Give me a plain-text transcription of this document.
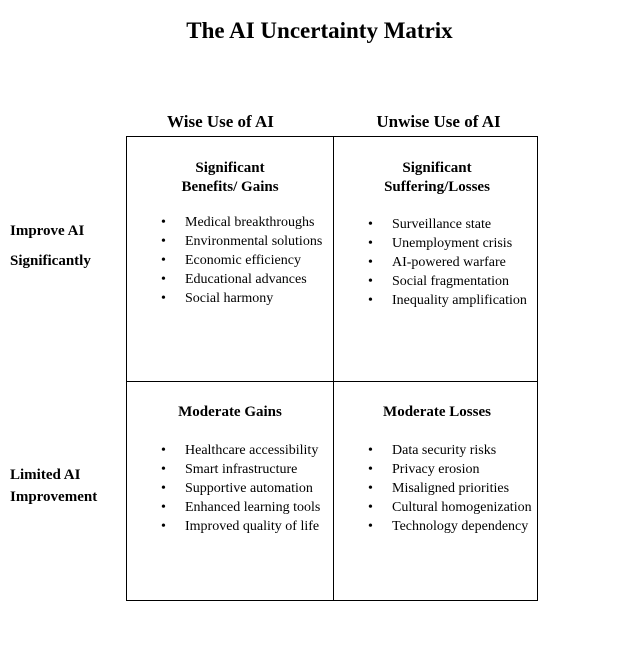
The AI Uncertainty Matrix
Wise Use of AI	Unwise Use of AI
Improve AI
Significantly
Limited AI
Improvement
Significant
Benefits/ Gains
• Medical breakthroughs
• Environmental solutions
• Economic efficiency
• Educational advances
• Social harmony
Significant
Suffering/Losses
• Surveillance state
• Unemployment crisis
• AI-powered warfare
• Social fragmentation
• Inequality amplification
Moderate Gains
• Healthcare accessibility
• Smart infrastructure
• Supportive automation
• Enhanced learning tools
• Improved quality of life
Moderate Losses
• Data security risks
• Privacy erosion
• Misaligned priorities
• Cultural homogenization
• Technology dependency
